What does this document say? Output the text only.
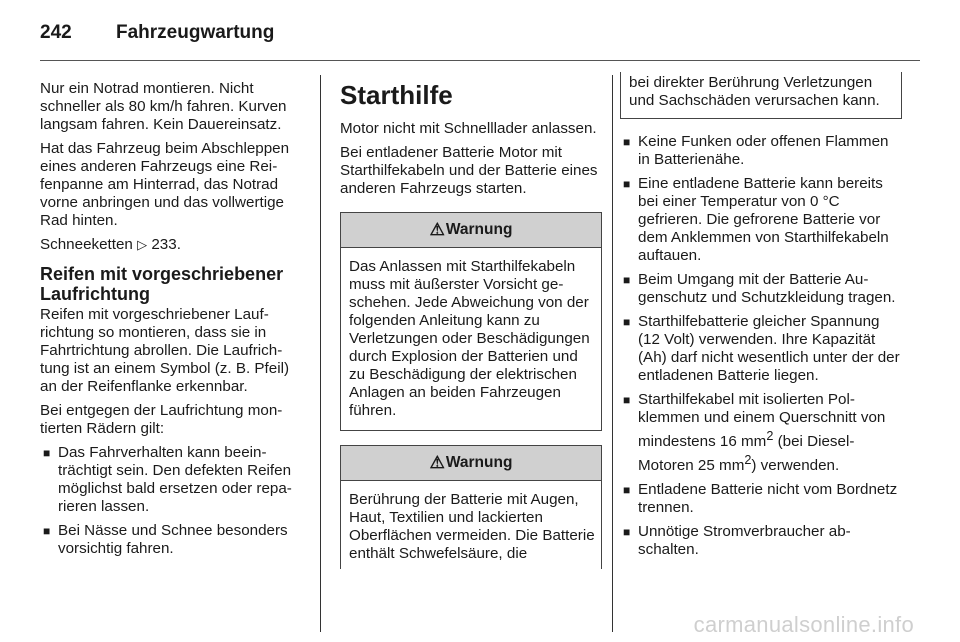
242 Fahrzeugwartung

Nur ein Notrad montieren. Nicht schneller als 80 km/h fahren. Kurven langsam fahren. Kein Dauereinsatz.

Hat das Fahrzeug beim Abschleppen eines anderen Fahrzeugs eine Reifenpanne am Hinterrad, das Notrad vorne anbringen und das vollwertige Rad hinten.

Schneeketten ▷ 233.

Reifen mit vorgeschriebener Laufrichtung

Reifen mit vorgeschriebener Laufrichtung so montieren, dass sie in Fahrtrichtung abrollen. Die Laufrichtung ist an einem Symbol (z. B. Pfeil) an der Reifenflanke erkennbar.

Bei entgegen der Laufrichtung montierten Rädern gilt:

■ Das Fahrverhalten kann beeinträchtigt sein. Den defekten Reifen möglichst bald ersetzen oder reparieren lassen.
■ Bei Nässe und Schnee besonders vorsichtig fahren.
Starthilfe

Motor nicht mit Schnelllader anlassen.

Bei entladener Batterie Motor mit Starthilfekabeln und der Batterie eines anderen Fahrzeugs starten.

⚠ Warnung

Das Anlassen mit Starthilfekabeln muss mit äußerster Vorsicht geschehen. Jede Abweichung von der folgenden Anleitung kann zu Verletzungen oder Beschädigungen durch Explosion der Batterien und zu Beschädigung der elektrischen Anlagen an beiden Fahrzeugen führen.

⚠ Warnung

Berührung der Batterie mit Augen, Haut, Textilien und lackierten Oberflächen vermeiden. Die Batterie enthält Schwefelsäure, die

bei direkter Berührung Verletzungen und Sachschäden verursachen kann.

■ Keine Funken oder offenen Flammen in Batterienähe.
■ Eine entladene Batterie kann bereits bei einer Temperatur von 0 °C gefrieren. Die gefrorene Batterie vor dem Anklemmen von Starthilfekabeln auftauen.
■ Beim Umgang mit der Batterie Augenschutz und Schutzkleidung tragen.
■ Starthilfebatterie gleicher Spannung (12 Volt) verwenden. Ihre Kapazität (Ah) darf nicht wesentlich unter der der entladenen Batterie liegen.
■ Starthilfekabel mit isolierten Polklemmen und einem Querschnitt von mindestens 16 $mm^2$ (bei Diesel-Motoren 25 $mm^2$) verwenden.
■ Entladene Batterie nicht vom Bordnetz trennen.
■ Unnötige Stromverbraucher abschalten.
carmanualsonline.info
